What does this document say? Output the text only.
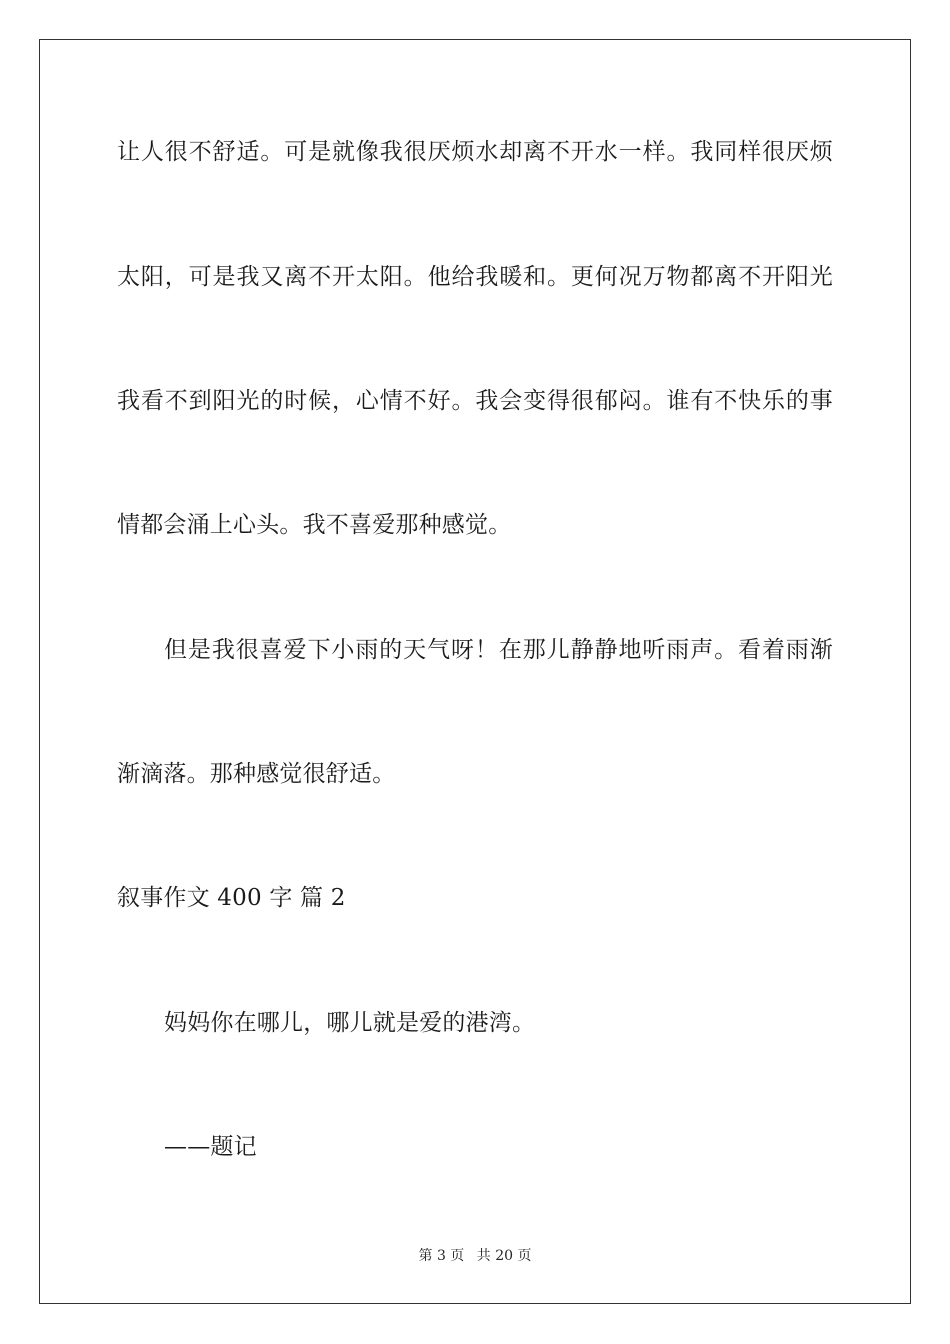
让人很不舒适。可是就像我很厌烦水却离不开水一样。我同样很厌烦
太阳，可是我又离不开太阳。他给我暖和。更何况万物都离不开阳光
我看不到阳光的时候，心情不好。我会变得很郁闷。谁有不快乐的事
情都会涌上心头。我不喜爱那种感觉。
但是我很喜爱下小雨的天气呀！在那儿静静地听雨声。看着雨渐
渐滴落。那种感觉很舒适。
叙事作文 400 字 篇 2
妈妈你在哪儿，哪儿就是爱的港湾。
——题记
第 3 页 共 20 页
